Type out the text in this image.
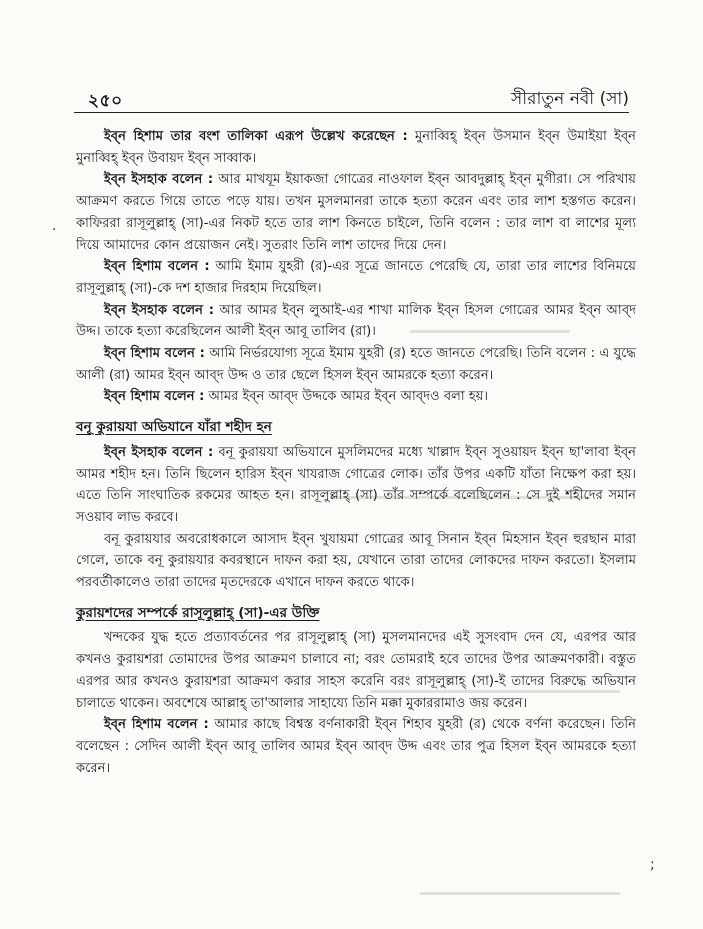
·
;
২৫০	সীরাতুন নবী (সা)

ইব্‌ন হিশাম তার বংশ তালিকা এরূপ উল্লেখ করেছেন : মুনাব্বিহ্‌ ইব্‌ন উসমান ইব্‌ন উমাইয়া ইব্‌ন মুনাব্বিহ্‌ ইব্‌ন উবায়দ ইব্‌ন সাব্বাক।

ইব্‌ন ইসহাক বলেন : আর মাখযূম ইয়াকজা গোত্রের নাওফাল ইব্‌ন আবদুল্লাহ্‌ ইব্‌ন মুগীরা। সে পরিখায় আক্রমণ করতে গিয়ে তাতে পড়ে যায়। তখন মুসলমানরা তাকে হত্যা করেন এবং তার লাশ হস্তগত করেন। কাফিররা রাসূলুল্লাহ্‌ (সা)-এর নিকট হতে তার লাশ কিনতে চাইলে, তিনি বলেন : তার লাশ বা লাশের মূল্য দিয়ে আমাদের কোন প্রয়োজন নেই। সুতরাং তিনি লাশ তাদের দিয়ে দেন।

ইব্‌ন হিশাম বলেন : আমি ইমাম যুহরী (র)-এর সূত্রে জানতে পেরেছি যে, তারা তার লাশের বিনিময়ে রাসূলুল্লাহ্‌ (সা)-কে দশ হাজার দিরহাম দিয়েছিল।

ইব্‌ন ইসহাক বলেন : আর আমর ইব্‌ন লুআই-এর শাখা মালিক ইব্‌ন হিসল গোত্রের আমর ইব্‌ন আব্‌দ উদ্দ। তাকে হত্যা করেছিলেন আলী ইব্‌ন আবূ তালিব (রা)।

ইব্‌ন হিশাম বলেন : আমি নির্ভরযোগ্য সূত্রে ইমাম যুহরী (র) হতে জানতে পেরেছি। তিনি বলেন : এ যুদ্ধে আলী (রা) আমর ইব্‌ন আব্‌দ উদ্দ ও তার ছেলে হিসল ইব্‌ন আমরকে হত্যা করেন।

ইব্‌ন হিশাম বলেন : আমর ইব্‌ন আব্‌দ উদ্দকে আমর ইব্‌ন আব্‌দও বলা হয়।

বনূ কুরায়যা অভিযানে যাঁরা শহীদ হন

ইব্‌ন ইসহাক বলেন : বনূ কুরায়যা অভিযানে মুসলিমদের মধ্যে খাল্লাদ ইব্‌ন সুওয়ায়দ ইব্‌ন ছা'লাবা ইব্‌ন আমর শহীদ হন। তিনি ছিলেন হারিস ইব্‌ন খাযরাজ গোত্রের লোক। তাঁর উপর একটি যাঁতা নিক্ষেপ করা হয়। এতে তিনি সাংঘাতিক রকমের আহত হন। রাসূলুল্লাহ্‌ (সা) তাঁর সম্পর্কে বলেছিলেন : সে দুই শহীদের সমান সওয়াব লাভ করবে।

বনূ কুরায়যার অবরোধকালে আসাদ ইব্‌ন খুযায়মা গোত্রের আবূ সিনান ইব্‌ন মিহসান ইব্‌ন হুরছান মারা গেলে, তাকে বনূ কুরায়যার কবরস্থানে দাফন করা হয়, যেখানে তারা তাদের লোকদের দাফন করতো। ইসলাম পরবর্তীকালেও তারা তাদের মৃতদেরকে এখানে দাফন করতে থাকে।

কুরায়শদের সম্পর্কে রাসূলুল্লাহ্‌ (সা)-এর উক্তি

খন্দকের যুদ্ধ হতে প্রত্যাবর্তনের পর রাসূলুল্লাহ্‌ (সা) মুসলমানদের এই সুসংবাদ দেন যে, এরপর আর কখনও কুরায়শরা তোমাদের উপর আক্রমণ চালাবে না; বরং তোমরাই হবে তাদের উপর আক্রমণকারী। বস্তুত এরপর আর কখনও কুরায়শরা আক্রমণ করার সাহস করেনি বরং রাসূলুল্লাহ্‌ (সা)-ই তাদের বিরুদ্ধে অভিযান চালাতে থাকেন। অবশেষে আল্লাহ্‌ তা'আলার সাহায্যে তিনি মক্কা মুকাররামাও জয় করেন।

ইব্‌ন হিশাম বলেন : আমার কাছে বিশ্বস্ত বর্ণনাকারী ইব্‌ন শিহাব যুহরী (র) থেকে বর্ণনা করেছেন। তিনি বলেছেন : সেদিন আলী ইব্‌ন আবূ তালিব আমর ইব্‌ন আব্‌দ উদ্দ এবং তার পুত্র হিসল ইব্‌ন আমরকে হত্যা করেন।
